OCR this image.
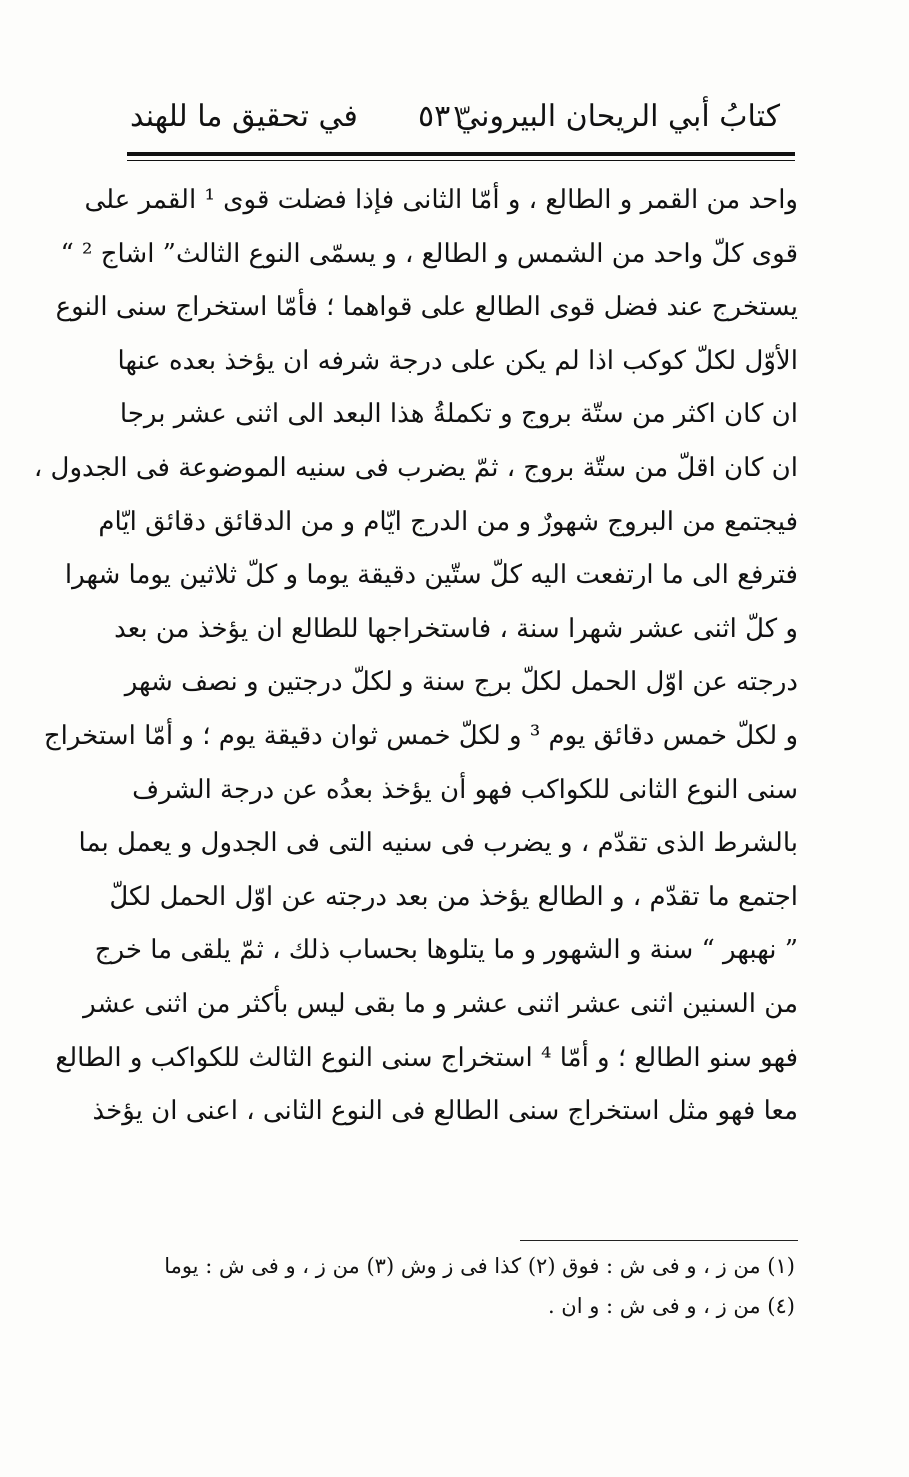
كتابُ أبي الريحان البيرونيّ
٥٣١
في تحقيق ما للهند
واحد من القمر و الطالع ، و أمّا الثانى فإذا فضلت قوى ¹ القمر على
قوى كلّ واحد من الشمس و الطالع ، و يسمّى النوع الثالث” اشاج ² “
يستخرج عند فضل قوى الطالع على قواهما ؛ فأمّا استخراج سنى النوع
الأوّل لكلّ كوكب اذا لم يكن على درجة شرفه ان يؤخذ بعده عنها
ان كان اكثر من ستّة بروج و تكملةُ هذا البعد الى اثنى عشر برجا
ان كان اقلّ من ستّة بروج ، ثمّ يضرب فى سنيه الموضوعة فى الجدول ،
فيجتمع من البروج شهورٌ و من الدرج ايّام و من الدقائق دقائق ايّام
فترفع الى ما ارتفعت اليه كلّ ستّين دقيقة يوما و كلّ ثلاثين يوما شهرا
و كلّ اثنى عشر شهرا سنة ، فاستخراجها للطالع ان يؤخذ من بعد
درجته عن اوّل الحمل لكلّ برج سنة و لكلّ درجتين و نصف شهر
و لكلّ خمس دقائق يوم ³ و لكلّ خمس ثوان دقيقة يوم ؛ و أمّا استخراج
سنى النوع الثانى للكواكب فهو أن يؤخذ بعدُه عن درجة الشرف
بالشرط الذى تقدّم ، و يضرب فى سنيه التى فى الجدول و يعمل بما
اجتمع ما تقدّم ، و الطالع يؤخذ من بعد درجته عن اوّل الحمل لكلّ
” نهبهر “ سنة و الشهور و ما يتلوها بحساب ذلك ، ثمّ يلقى ما خرج
من السنين اثنى عشر اثنى عشر و ما بقى ليس بأكثر من اثنى عشر
فهو سنو الطالع ؛ و أمّا ⁴ استخراج سنى النوع الثالث للكواكب و الطالع
معا فهو مثل استخراج سنى الطالع فى النوع الثانى ، اعنى ان يؤخذ
(١) من ز ، و فى ش : فوق (٢) كذا فى ز وش (٣) من ز ، و فى ش : يوما
(٤) من ز ، و فى ش : و ان .
